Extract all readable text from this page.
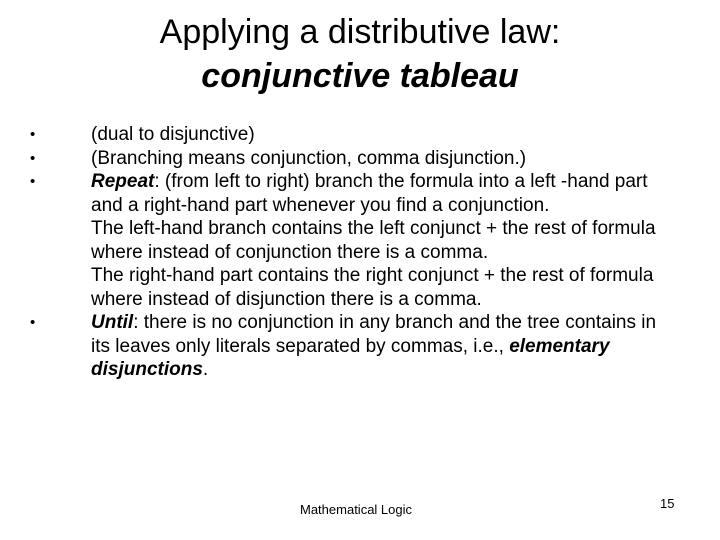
Applying a distributive law:
conjunctive tableau
•	(dual to disjunctive)
•	(Branching means conjunction, comma disjunction.)
•	Repeat: (from left to right) branch the formula into a left -hand part and a right-hand part whenever you find a conjunction.
The left-hand branch contains the left conjunct + the rest of formula where instead of conjunction there is a comma.
The right-hand part contains the right conjunct + the rest of formula where instead of disjunction there is a comma.
•	Until: there is no conjunction in any branch and the tree contains in its leaves only literals separated by commas, i.e., elementary disjunctions.
Mathematical Logic	15
